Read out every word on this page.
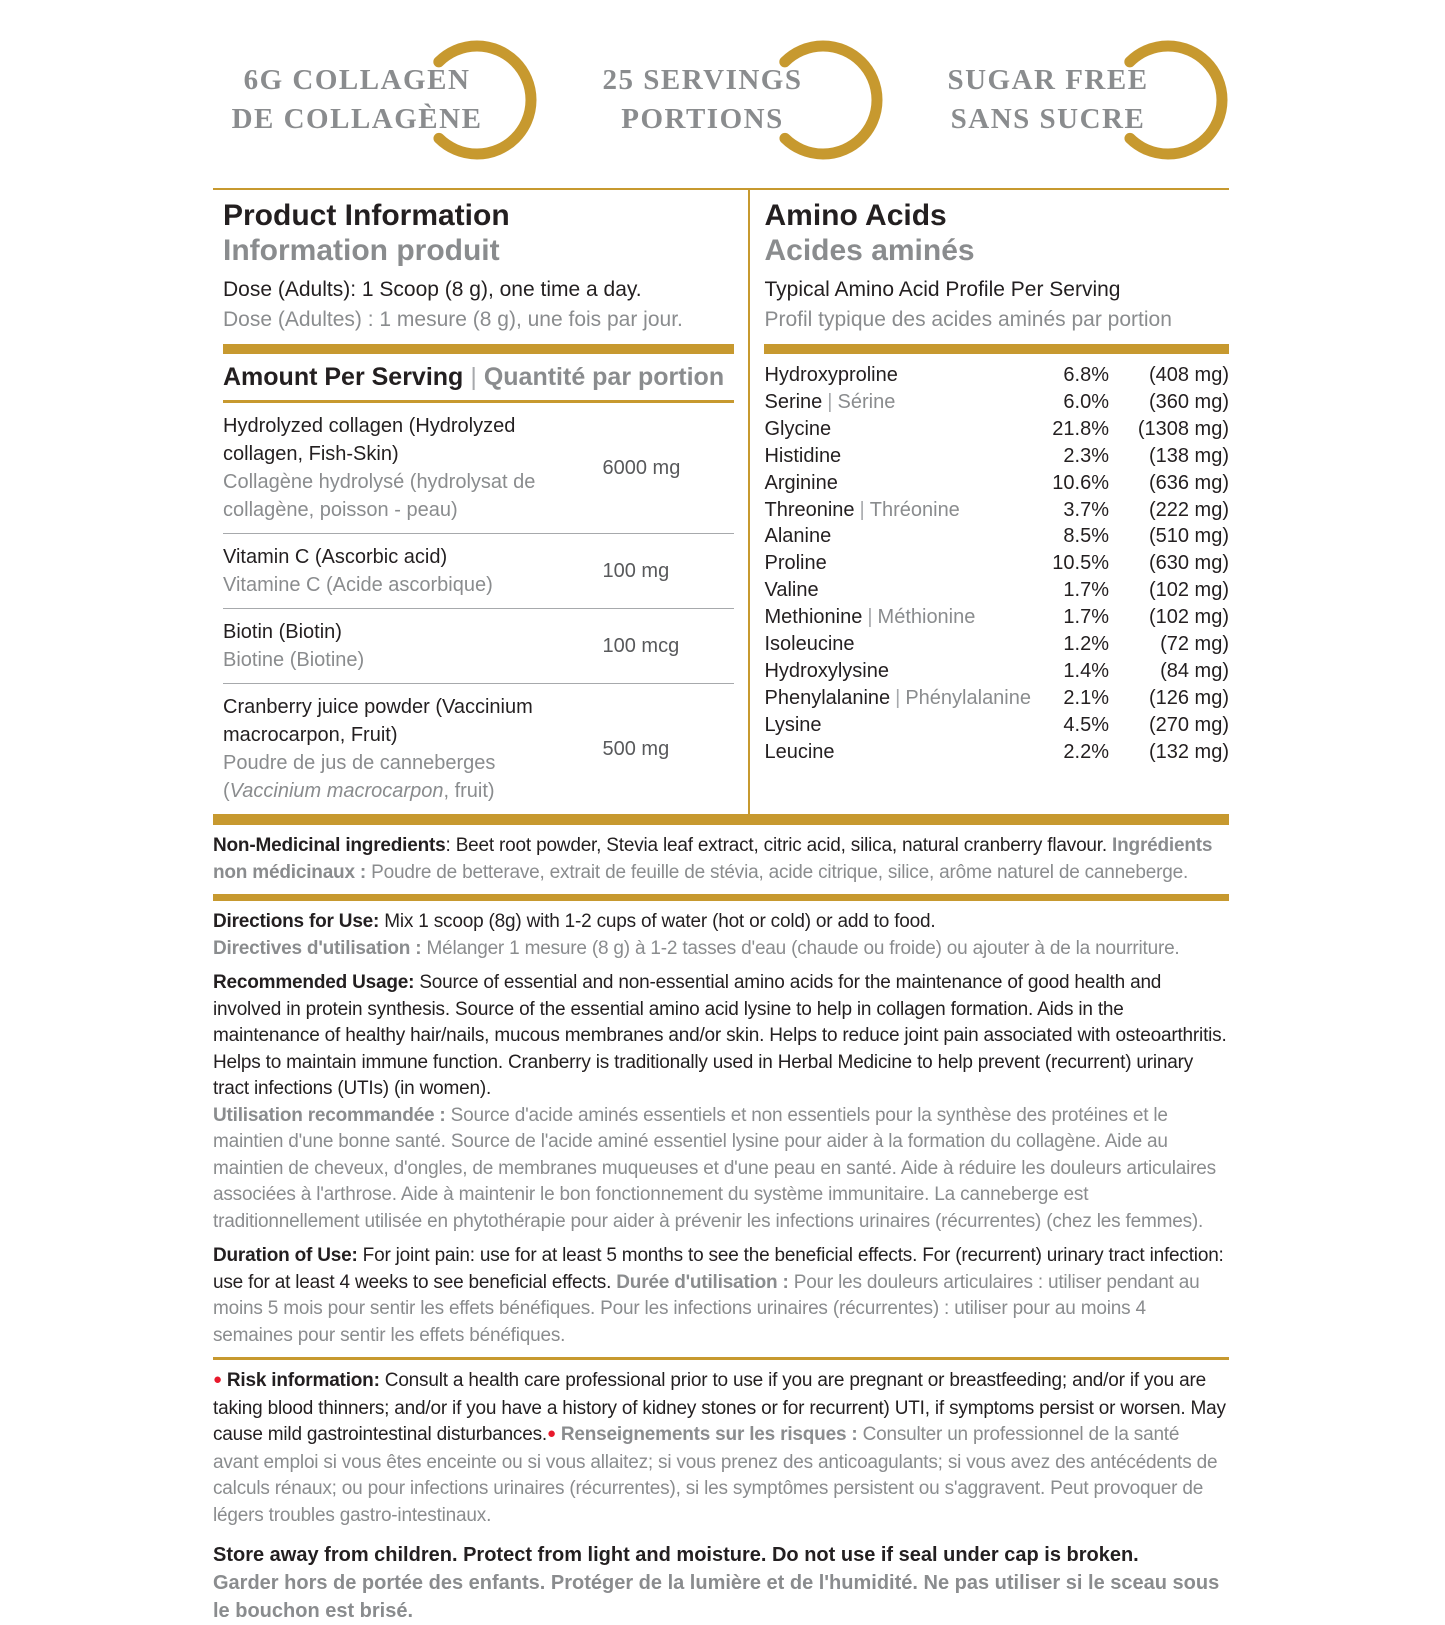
6G COLLAGEN
DE COLLAGÈNE
25 SERVINGS
PORTIONS
SUGAR FREE
SANS SUCRE
Product Information
Information produit
Dose (Adults): 1 Scoop (8 g), one time a day.
Dose (Adultes) : 1 mesure (8 g), une fois par jour.
Amount Per Serving | Quantité par portion
Hydrolyzed collagen (Hydrolyzed collagen, Fish-Skin)
Collagène hydrolysé (hydrolysat de collagène, poisson - peau)
6000 mg
Vitamin C (Ascorbic acid)
Vitamine C (Acide ascorbique)
100 mg
Biotin (Biotin)
Biotine (Biotine)
100 mcg
Cranberry juice powder (Vaccinium macrocarpon, Fruit)
Poudre de jus de canneberges (Vaccinium macrocarpon, fruit)
500 mg
Amino Acids
Acides aminés
Typical Amino Acid Profile Per Serving
Profil typique des acides aminés par portion
Hydroxyproline	6.8%	(408 mg)
Serine | Sérine	6.0%	(360 mg)
Glycine	21.8%	(1308 mg)
Histidine	2.3%	(138 mg)
Arginine	10.6%	(636 mg)
Threonine | Thréonine	3.7%	(222 mg)
Alanine	8.5%	(510 mg)
Proline	10.5%	(630 mg)
Valine	1.7%	(102 mg)
Methionine | Méthionine	1.7%	(102 mg)
Isoleucine	1.2%	(72 mg)
Hydroxylysine	1.4%	(84 mg)
Phenylalanine | Phénylalanine	2.1%	(126 mg)
Lysine	4.5%	(270 mg)
Leucine	2.2%	(132 mg)

Non-Medicinal ingredients: Beet root powder, Stevia leaf extract, citric acid, silica, natural cranberry flavour. Ingrédients non médicinaux : Poudre de betterave, extrait de feuille de stévia, acide citrique, silice, arôme naturel de canneberge.

Directions for Use: Mix 1 scoop (8g) with 1-2 cups of water (hot or cold) or add to food.

Directives d'utilisation : Mélanger 1 mesure (8 g) à 1-2 tasses d'eau (chaude ou froide) ou ajouter à de la nourriture.

Recommended Usage: Source of essential and non-essential amino acids for the maintenance of good health and involved in protein synthesis. Source of the essential amino acid lysine to help in collagen formation. Aids in the maintenance of healthy hair/nails, mucous membranes and/or skin. Helps to reduce joint pain associated with osteoarthritis. Helps to maintain immune function. Cranberry is traditionally used in Herbal Medicine to help prevent (recurrent) urinary tract infections (UTIs) (in women).

Utilisation recommandée : Source d'acide aminés essentiels et non essentiels pour la synthèse des protéines et le maintien d'une bonne santé. Source de l'acide aminé essentiel lysine pour aider à la formation du collagène. Aide au maintien de cheveux, d'ongles, de membranes muqueuses et d'une peau en santé. Aide à réduire les douleurs articulaires associées à l'arthrose. Aide à maintenir le bon fonctionnement du système immunitaire. La canneberge est traditionnellement utilisée en phytothérapie pour aider à prévenir les infections urinaires (récurrentes) (chez les femmes).

Duration of Use: For joint pain: use for at least 5 months to see the beneficial effects. For (recurrent) urinary tract infection: use for at least 4 weeks to see beneficial effects. Durée d'utilisation : Pour les douleurs articulaires : utiliser pendant au moins 5 mois pour sentir les effets bénéfiques. Pour les infections urinaires (récurrentes) : utiliser pour au moins 4 semaines pour sentir les effets bénéfiques.

● Risk information: Consult a health care professional prior to use if you are pregnant or breastfeeding; and/or if you are taking blood thinners; and/or if you have a history of kidney stones or for recurrent) UTI, if symptoms persist or worsen. May cause mild gastrointestinal disturbances.● Renseignements sur les risques : Consulter un professionnel de la santé avant emploi si vous êtes enceinte ou si vous allaitez; si vous prenez des anticoagulants; si vous avez des antécédents de calculs rénaux; ou pour infections urinaires (récurrentes), si les symptômes persistent ou s'aggravent. Peut provoquer de légers troubles gastro-intestinaux.

Store away from children. Protect from light and moisture. Do not use if seal under cap is broken.
Garder hors de portée des enfants. Protéger de la lumière et de l'humidité. Ne pas utiliser si le sceau sous le bouchon est brisé.
